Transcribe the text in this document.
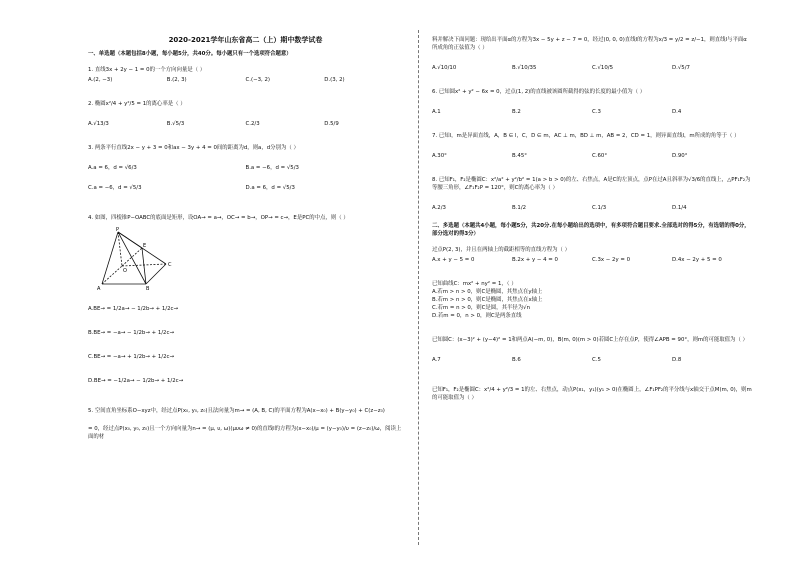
2020-2021学年山东省高二（上）期中数学试卷

一、单选题（本题包括8小题，每小题5分，共40分。每小题只有一个选项符合题意）

1. 直线3x + 2y − 1 = 0的一个方向向量是（ ）

A.(2, −3)	B.(2, 3)	C.(−3, 2)	D.(3, 2)

2. 椭圆x²/4 + y²/5 = 1的离心率是（ ）

A.√13/3	B.√5/3	C.2/3	D.5/9

3. 两条平行直线2x − y + 3 = 0和ax − 3y + 4 = 0间的距离为d，则a，d分别为（ ）

A.a = 6，d = √6/3	B.a = −6，d = √5/3
C.a = −6，d = √5/3	D.a = 6，d = √5/3

4. 如图，四棱锥P−OABC的底面是矩形，设OA→ = a→，OC→ = b→，OP→ = c→，E是PC的中点，则（ ）

P
E
C
O
A	B
A.BE→ = 1/2a→ − 1/2b→ + 1/2c→
B.BE→ = −a→ − 1/2b→ + 1/2c→
C.BE→ = −a→ + 1/2b→ + 1/2c→
D.BE→ = −1/2a→ − 1/2b→ + 1/2c→

5. 空间直角坐标系O−xyz中，经过点P(x₀, y₀, z₀)且法向量为m→ = (A, B, C)的平面方程为A(x−x₀) + B(y−y₀) + C(z−z₀)

= 0，经过点P(x₀, y₀, z₀)且一个方向向量为n→ = (μ, υ, ω)(μυω ≠ 0)的直线l的方程为(x−x₀)/μ = (y−y₀)/υ = (z−z₀)/ω，阅读上面的材

料并解决下面问题：现给出平面α的方程为3x − 5y + z − 7 = 0，经过(0, 0, 0)直线l的方程为x/3 = y/2 = z/−1，则直线l与平面α所成角的正弦值为（ ）

A.√10/10	B.√10/35	C.√10/5	D.√5/7

6. 已知圆x² + y² − 6x = 0，过点(1, 2)的直线被该圆所截得的弦的长度的最小值为（ ）

A.1	B.2	C.3	D.4

7. 已知l，m是异面直线，A，B ∈ l，C，D ∈ m，AC ⊥ m，BD ⊥ m，AB = 2，CD = 1，则异面直线l，m所成的角等于（ ）

A.30°	B.45°	C.60°	D.90°

8. 已知F₁，F₂是椭圆C：x²/a² + y²/b² = 1(a > b > 0)的左、右焦点，A是C的左顶点，点P在过A且斜率为√3/6的直线上，△PF₁F₂为等腰三角形，∠F₁F₂P = 120°，则C的离心率为（ ）

A.2/3	B.1/2	C.1/3	D.1/4

二、多选题（本题共4小题，每小题5分，共20分.在每小题给出的选项中，有多项符合题目要求.全部选对的得5分，有选错的得0分，部分选对的得3分）

过点P(2, 3)，并且在两轴上的截距相等的直线方程为（ ）

A.x + y − 5 = 0	B.2x + y − 4 = 0	C.3x − 2y = 0	D.4x − 2y + 5 = 0

已知曲线C：mx² + ny² = 1，（ ）

A.若m > n > 0，则C是椭圆，其焦点在y轴上
B.若m > n > 0，则C是椭圆，其焦点在x轴上
C.若m = n > 0，则C是圆，其半径为√n
D.若m = 0，n > 0，则C是两条直线

已知圆C：(x−3)² + (y−4)² = 1和两点A(−m, 0)，B(m, 0)(m > 0)若圆C上存在点P，使得∠APB = 90°，则m的可能取值为（ ）

A.7	B.6	C.5	D.8

已知F₁，F₂是椭圆C：x²/4 + y²/3 = 1的左、右焦点，动点P(x₁，y₁)(y₁ > 0)在椭圆上，∠F₁PF₂的平分线与x轴交于点M(m, 0)，则m的可能取值为（ ）
